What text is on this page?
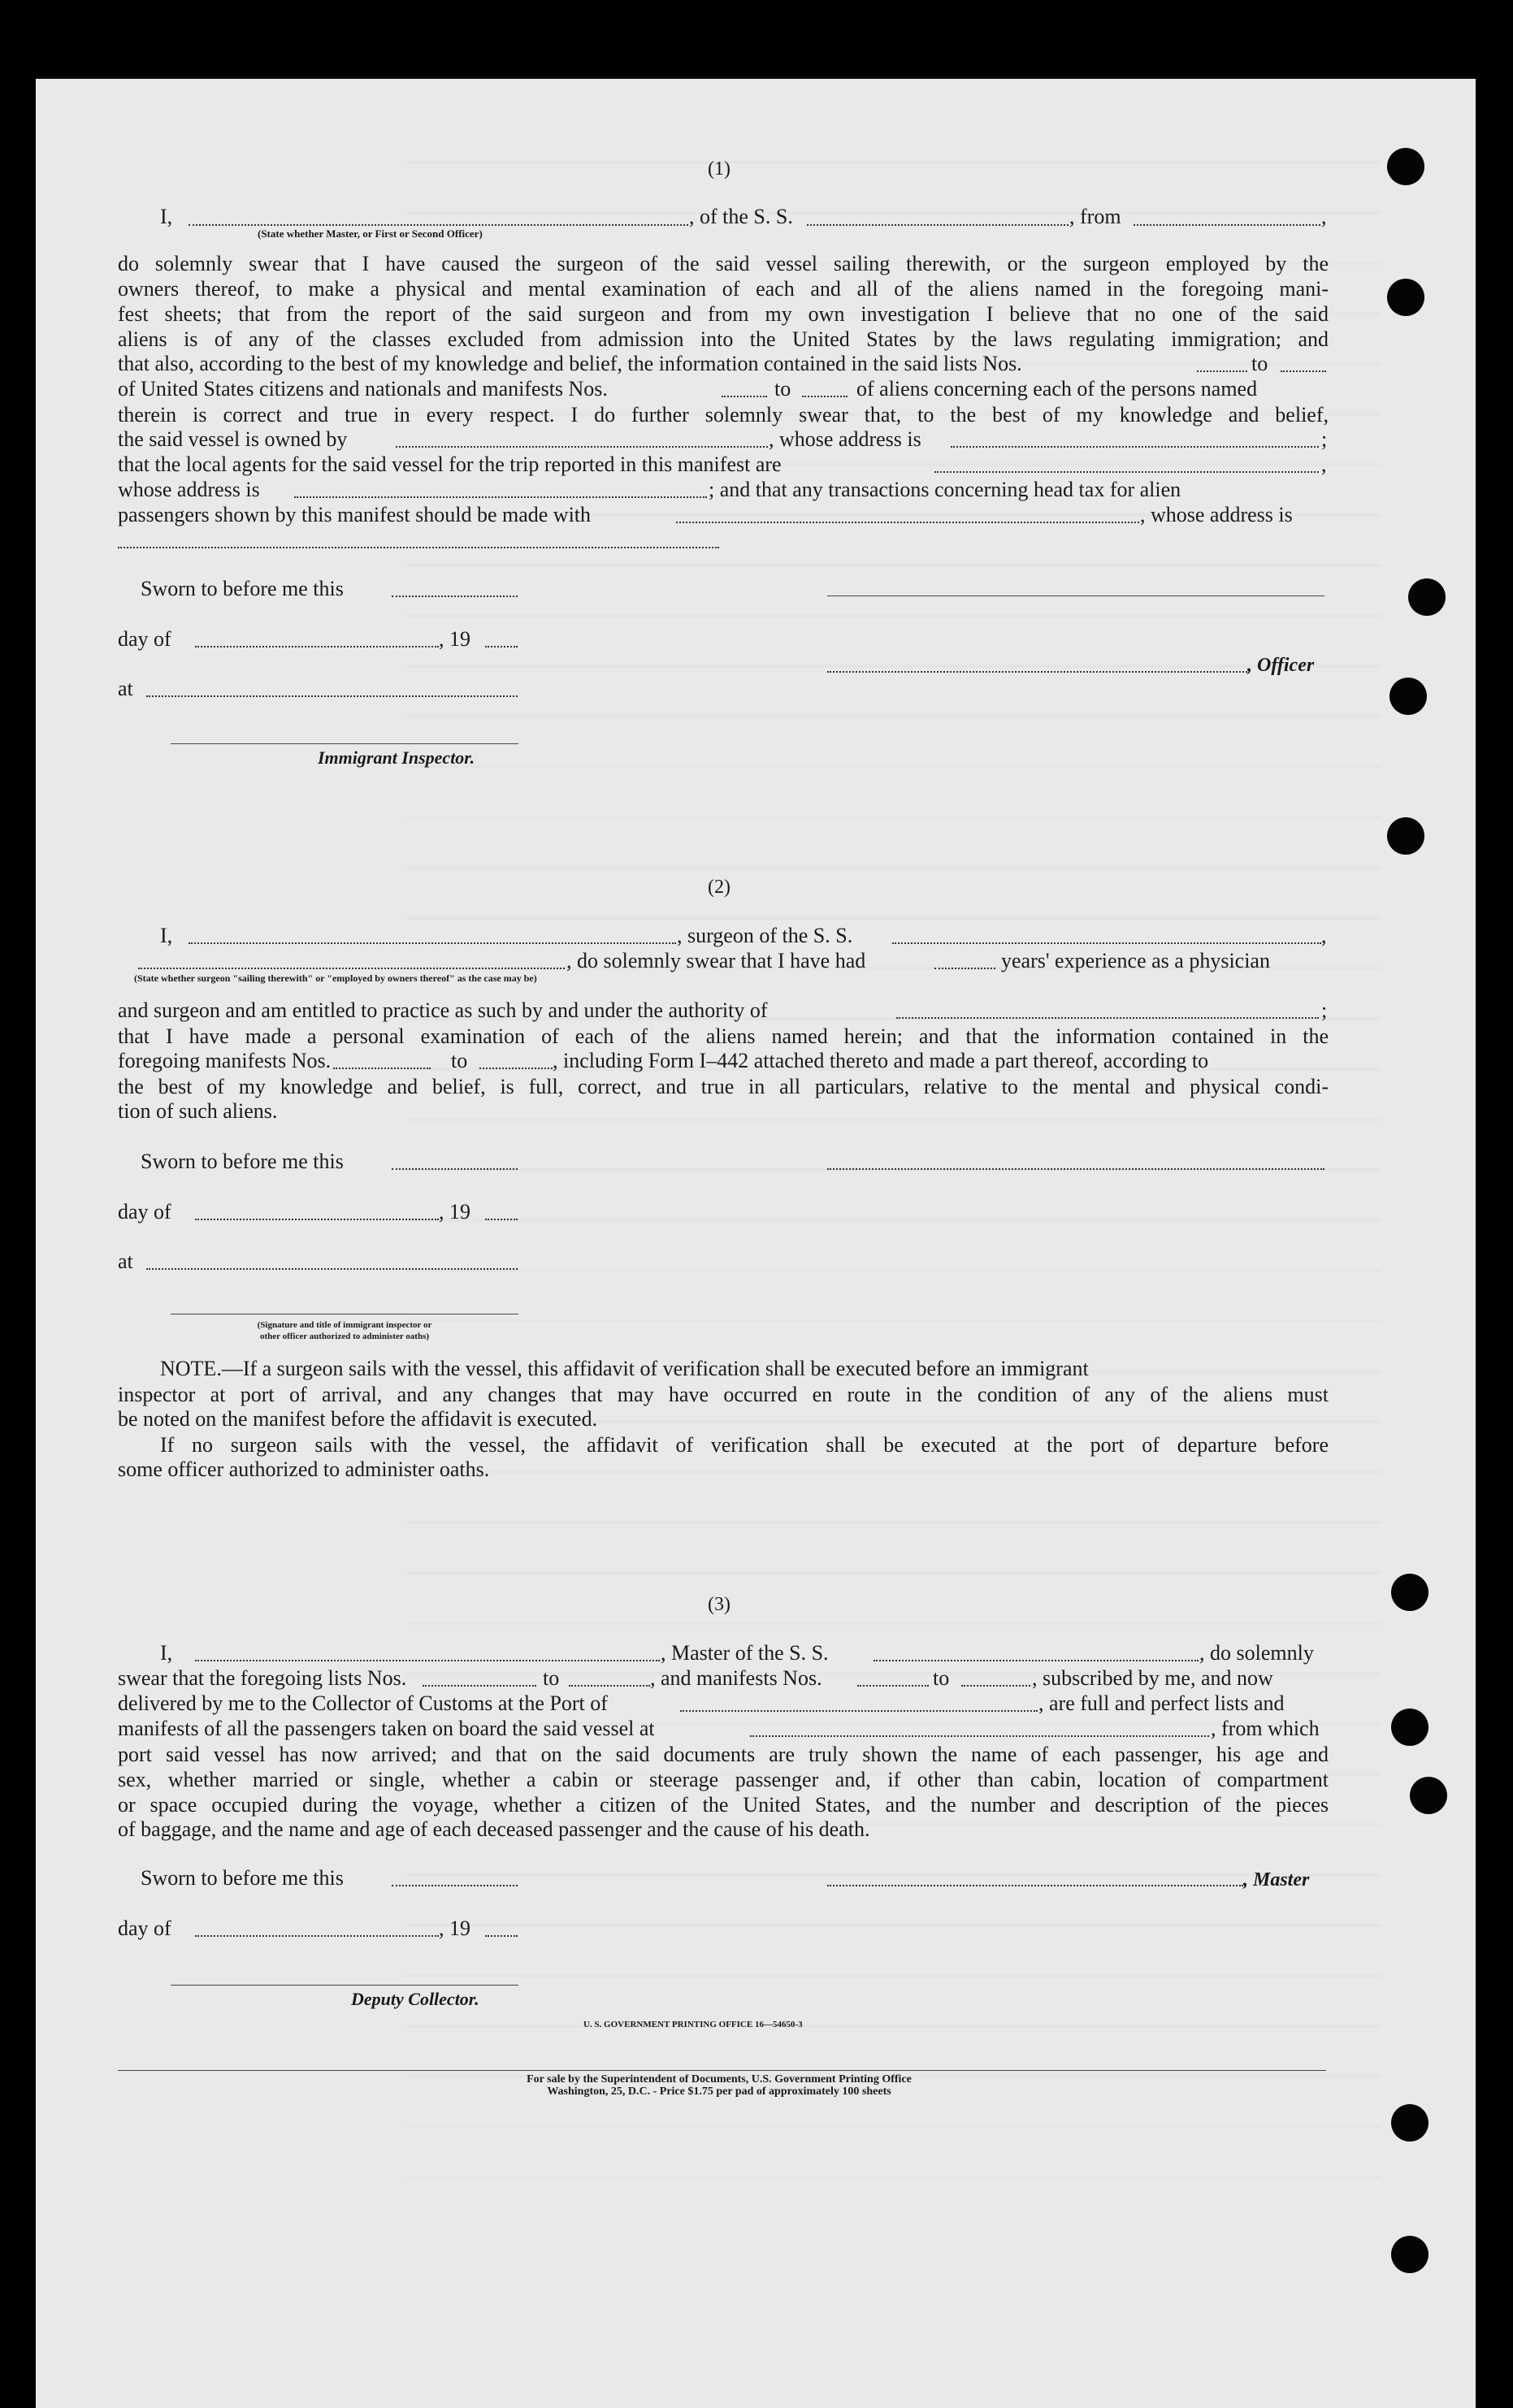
(1)
I,	, of the S. S.	, from	,
(State whether Master, or First or Second Officer)
do solemnly swear that I have caused the surgeon of the said vessel sailing therewith, or the surgeon employed by the
owners thereof, to make a physical and mental examination of each and all of the aliens named in the foregoing mani-
fest sheets; that from the report of the said surgeon and from my own investigation I believe that no one of the said
aliens is of any of the classes excluded from admission into the United States by the laws regulating immigration; and
that also, according to the best of my knowledge and belief, the information contained in the said lists Nos.	to
of United States citizens and nationals and manifests Nos.	to	of aliens concerning each of the persons named
therein is correct and true in every respect. I do further solemnly swear that, to the best of my knowledge and belief,
the said vessel is owned by	, whose address is	;
that the local agents for the said vessel for the trip reported in this manifest are	,
whose address is	; and that any transactions concerning head tax for alien
passengers shown by this manifest should be made with	, whose address is
Sworn to before me this
day of	, 19
, Officer
at
Immigrant Inspector.
(2)
I,	, surgeon of the S. S.	,
, do solemnly swear that I have had	years' experience as a physician
(State whether surgeon "sailing therewith" or "employed by owners thereof" as the case may be)
and surgeon and am entitled to practice as such by and under the authority of	;
that I have made a personal examination of each of the aliens named herein; and that the information contained in the
foregoing manifests Nos.	to	, including Form I–442 attached thereto and made a part thereof, according to
the best of my knowledge and belief, is full, correct, and true in all particulars, relative to the mental and physical condi-
tion of such aliens.
Sworn to before me this
day of	, 19
at
(Signature and title of immigrant inspector or
other officer authorized to administer oaths)
NOTE.—If a surgeon sails with the vessel, this affidavit of verification shall be executed before an immigrant
inspector at port of arrival, and any changes that may have occurred en route in the condition of any of the aliens must
be noted on the manifest before the affidavit is executed.
If no surgeon sails with the vessel, the affidavit of verification shall be executed at the port of departure before
some officer authorized to administer oaths.
(3)
I,	, Master of the S. S.	, do solemnly
swear that the foregoing lists Nos.	to	, and manifests Nos.	to	, subscribed by me, and now
delivered by me to the Collector of Customs at the Port of	, are full and perfect lists and
manifests of all the passengers taken on board the said vessel at	, from which
port said vessel has now arrived; and that on the said documents are truly shown the name of each passenger, his age and
sex, whether married or single, whether a cabin or steerage passenger and, if other than cabin, location of compartment
or space occupied during the voyage, whether a citizen of the United States, and the number and description of the pieces
of baggage, and the name and age of each deceased passenger and the cause of his death.
Sworn to before me this	, Master
day of	, 19
Deputy Collector.
U. S. GOVERNMENT PRINTING OFFICE 16—54650-3
For sale by the Superintendent of Documents, U.S. Government Printing Office
Washington, 25, D.C. - Price $1.75 per pad of approximately 100 sheets
